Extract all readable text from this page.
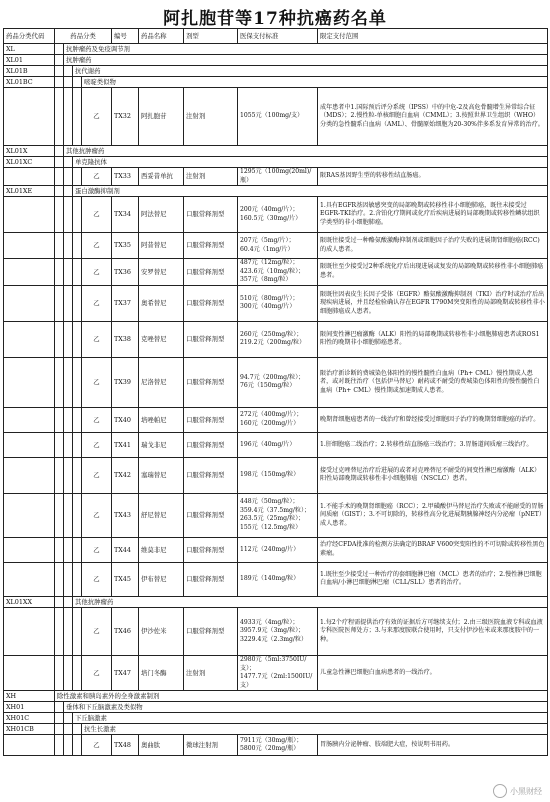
阿扎胞苷等17种抗癌药名单
药品分类代码	药品分类				编号	药品名称	剂型	医保支付标准	限定支付范围
XL		抗肿瘤药及免疫调节剂							
XL01		抗肿瘤药							
XL01B			抗代谢药						
XL01BC				嘧啶类似物					
				乙	TX32	阿扎胞苷	注射剂	1055元（100mg/支）	成年患者中1.国际预后评分系统（IPSS）中的中危-2及高危骨髓增生异常综合征（MDS）；2.慢性粒-单核细胞白血病（CMML）；3.按照世界卫生组织（WHO）分类的急性髓系白血病（AML）、骨髓原始细胞为20-30%伴多系发育异常的治疗。
XL01X		其他抗肿瘤药							
XL01XC			单克隆抗体						
				乙	TX33	西妥昔单抗	注射剂	1295元（100mg(20ml)/瓶）	限RAS基因野生型的转移性结直肠癌。
XL01XE			蛋白激酶抑制剂						
				乙	TX34	阿法替尼	口服常释剂型	200元（40mg/片）；
160.5元（30mg/片）	1.具有EGFR基因敏感突变的局部晚期或转移性非小细胞肺癌，既往未接受过EGFR-TKI治疗。2.含铂化疗期间或化疗后疾病进展的局部晚期或转移性鳞状组织学类型的非小细胞肺癌。
				乙	TX35	阿昔替尼	口服常释剂型	207元（5mg/片）；
60.4元（1mg/片）	限既往接受过一种酪氨酸激酶抑制剂或细胞因子治疗失败的进展期肾细胞癌(RCC)的成人患者。
				乙	TX36	安罗替尼	口服常释剂型	487元（12mg/粒）；
423.6元（10mg/粒）；
357元（8mg/粒）	限既往至少接受过2种系统化疗后出现进展或复发的局部晚期或转移性非小细胞肺癌患者。
				乙	TX37	奥希替尼	口服常释剂型	510元（80mg/片）；
300元（40mg/片）	限既往因表皮生长因子受体（EGFR）酪氨酸激酶抑制剂（TKI）治疗时或治疗后出现疾病进展，并且经检验确认存在EGFR T790M突变阳性的局部晚期或转移性非小细胞肺癌成人患者。
				乙	TX38	克唑替尼	口服常释剂型	260元（250mg/粒）；
219.2元（200mg/粒）	限间变性淋巴瘤激酶（ALK）阳性的局部晚期或转移性非小细胞肺癌患者或ROS1阳性的晚期非小细胞肺癌患者。
				乙	TX39	尼洛替尼	口服常释剂型	94.7元（200mg/粒）；
76元（150mg/粒）	限治疗新诊断的费城染色体阳性的慢性髓性白血病（Ph+ CML）慢性期成人患者，或对既往治疗（包括伊马替尼）耐药或不耐受的费城染色体阳性的慢性髓性白血病（Ph+ CML）慢性期或加速期成人患者。
				乙	TX40	培唑帕尼	口服常释剂型	272元（400mg/片）；
160元（200mg/片）	晚期肾细胞癌患者的一线治疗和曾经接受过细胞因子治疗的晚期肾细胞癌的治疗。
				乙	TX41	瑞戈非尼	口服常释剂型	196元（40mg/片）	1.肝细胞癌二线治疗；2.转移性结直肠癌三线治疗；3.胃肠道间质瘤三线治疗。
				乙	TX42	塞瑞替尼	口服常释剂型	198元（150mg/粒）	接受过克唑替尼治疗后进展的或者对克唑替尼不耐受的间变性淋巴瘤激酶（ALK）阳性局部晚期或转移性非小细胞肺癌（NSCLC）患者。
				乙	TX43	舒尼替尼	口服常释剂型	448元（50mg/粒）；
359.4元（37.5mg/粒）；
263.5元（25mg/粒）；
155元（12.5mg/粒）	1.不能手术的晚期肾细胞癌（RCC）；2.甲磺酸伊马替尼治疗失败或不能耐受的胃肠间质瘤（GIST）；3.不可切除的，转移性高分化进展期胰腺神经内分泌瘤（pNET）成人患者。
				乙	TX44	维莫非尼	口服常释剂型	112元（240mg/片）	治疗经CFDA批准的检测方法确定的BRAF V600突变阳性的不可切除或转移性黑色素瘤。
				乙	TX45	伊布替尼	口服常释剂型	189元（140mg/粒）	1.既往至少接受过一种治疗的套细胞淋巴瘤（MCL）患者的治疗；2.慢性淋巴细胞白血病/小淋巴细胞淋巴瘤（CLL/SLL）患者的治疗。
XL01XX			其他抗肿瘤药						
				乙	TX46	伊沙佐米	口服常释剂型	4933元（4mg/粒）；
3957.9元（3mg/粒）；
3229.4元（2.3mg/粒）	1.每2个疗程需提供治疗有效的证据后方可继续支付；2.由三级医院血液专科或血液专科医院医师处方；3.与来那度胺联合使用时，只支付伊沙佐米或来那度胺中的一种。
				乙	TX47	培门冬酶	注射剂	2980元（5ml:3750IU/支）；
1477.7元（2ml:1500IU/支）	儿童急性淋巴细胞白血病患者的一线治疗。
XH	除性激素和胰岛素外的全身激素制剂								
XH01		垂体和下丘脑激素及类似物							
XH01C			下丘脑激素						
XH01CB				抗生长激素					
				乙	TX48	奥曲肽	微球注射剂	7911元（30mg/瓶）；
5800元（20mg/瓶）	胃肠胰内分泌肿瘤、肢端肥大症，按说明书用药。
小黑财经
